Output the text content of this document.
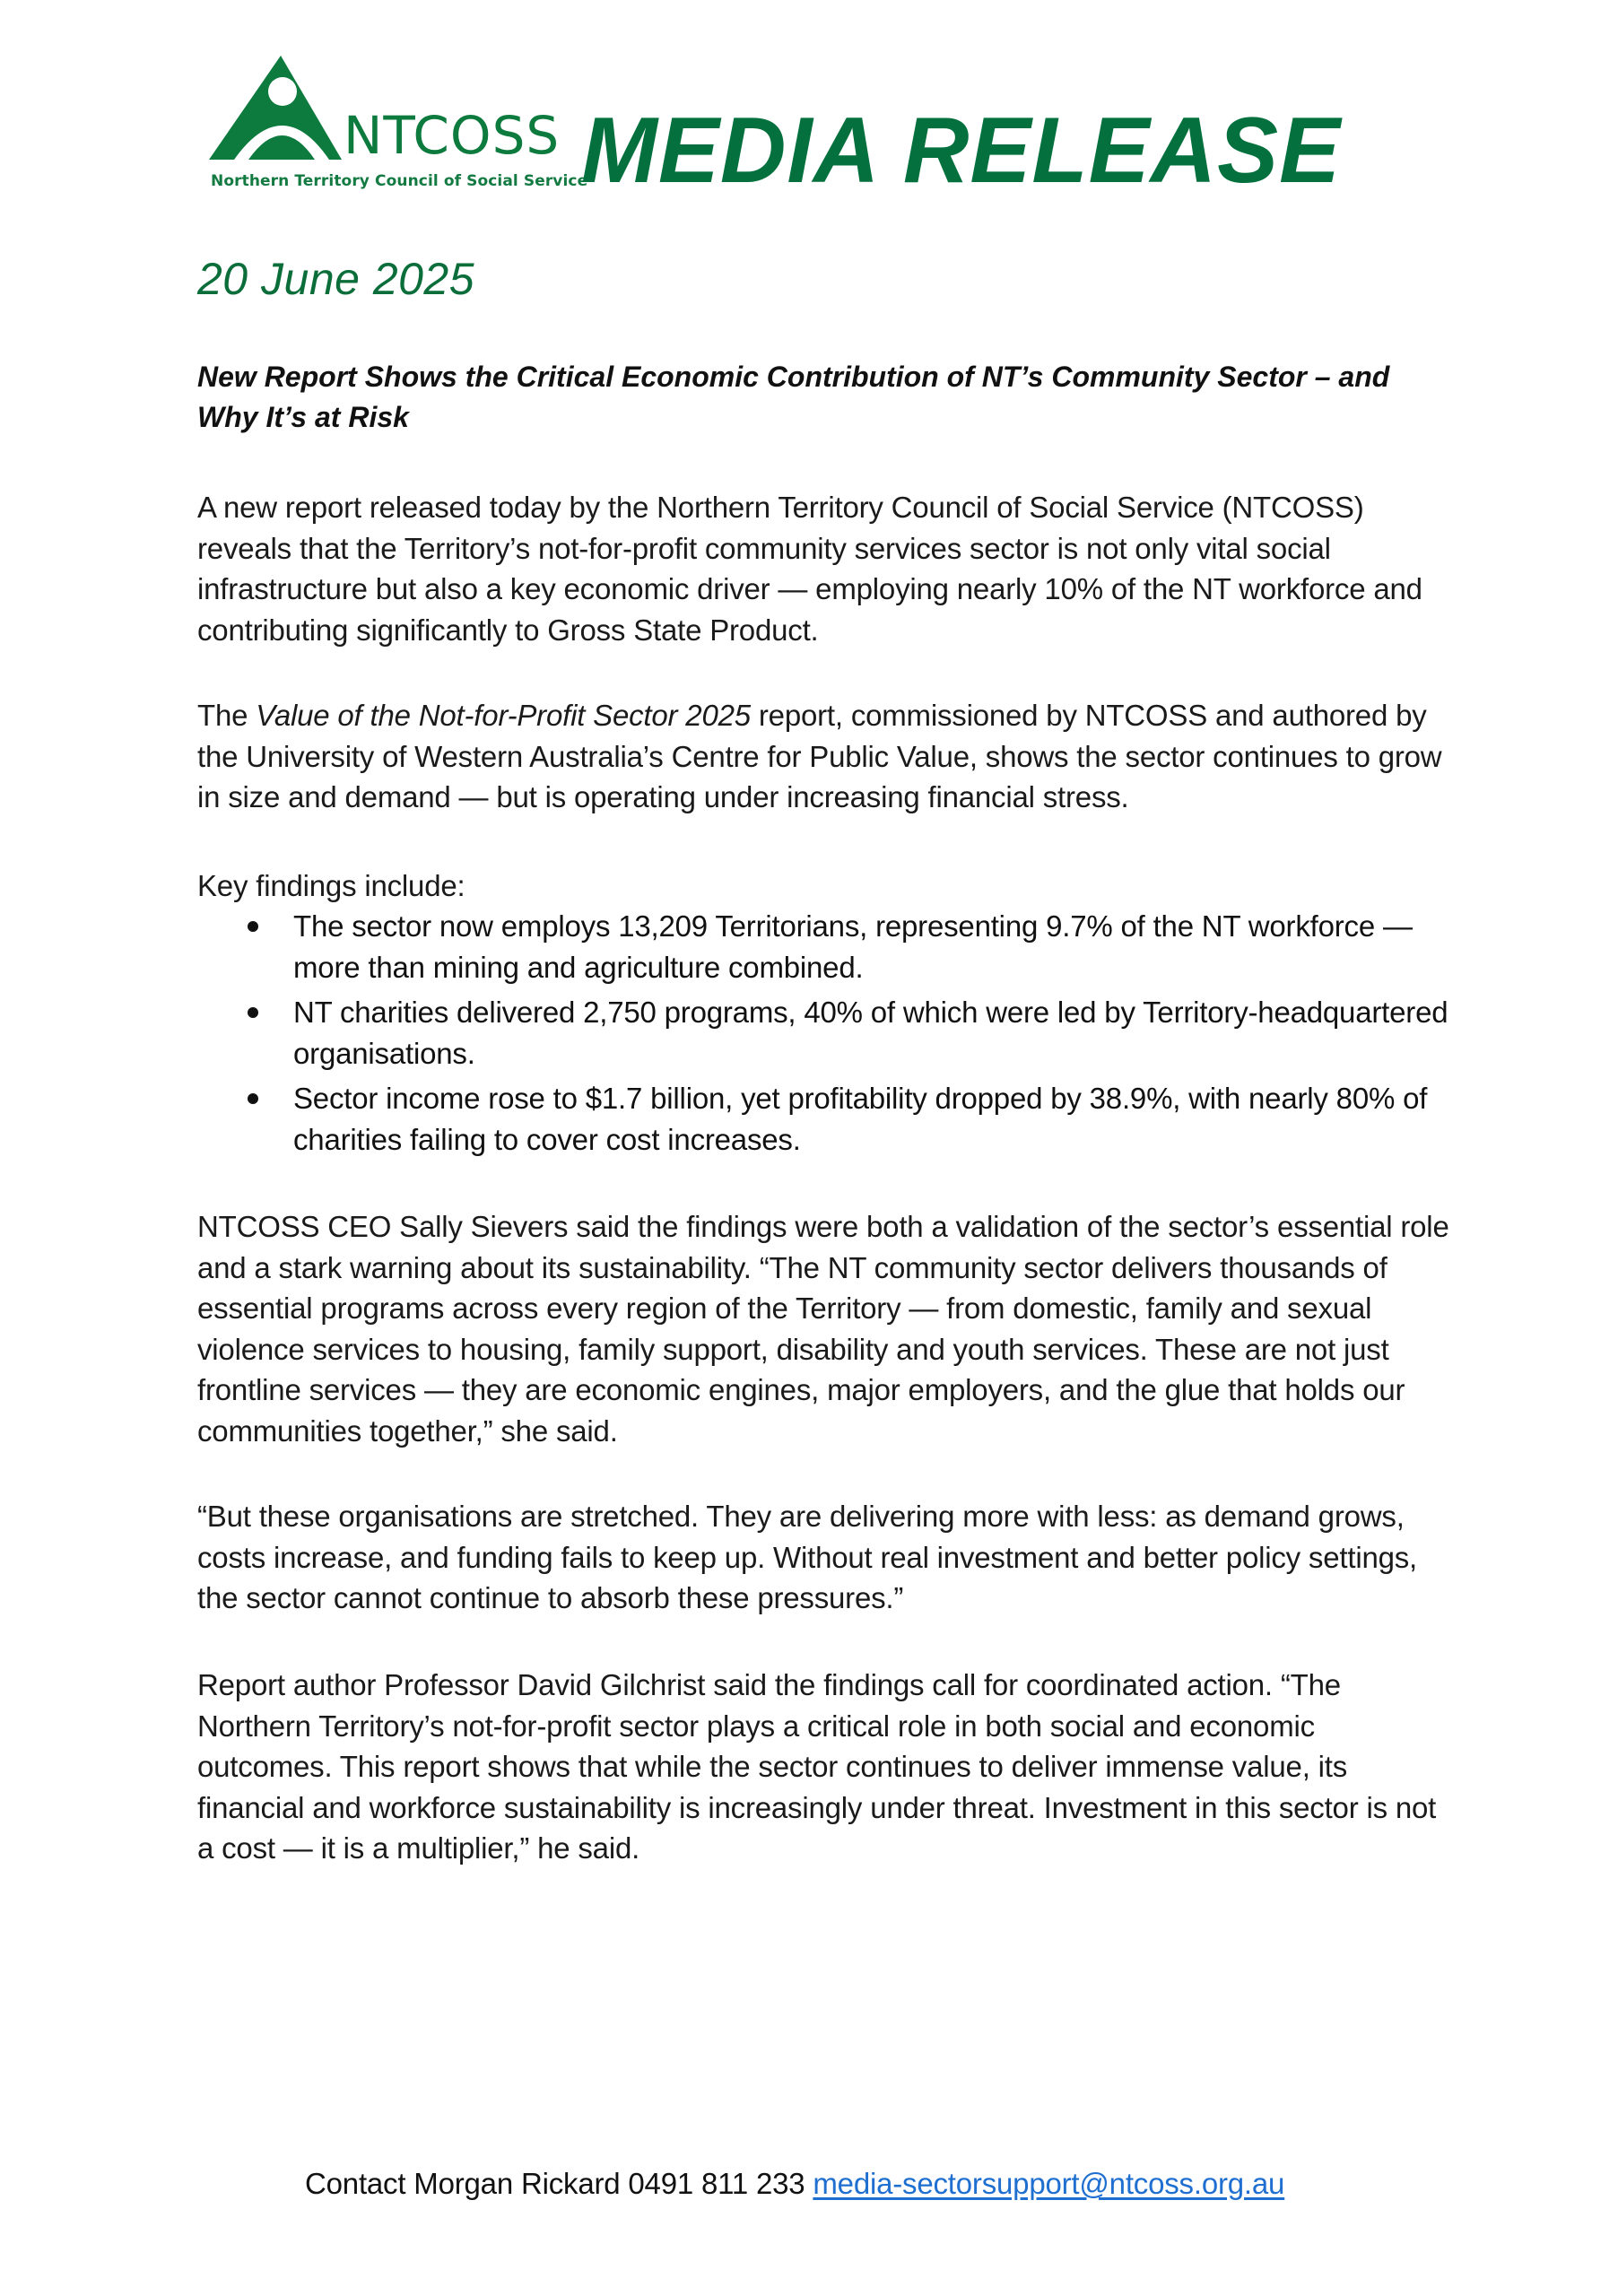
NTCOSS
Northern Territory Council of Social Service
MEDIA RELEASE
20 June 2025
New Report Shows the Critical Economic Contribution of NT’s Community Sector – and Why It’s at Risk

A new report released today by the Northern Territory Council of Social Service (NTCOSS) reveals that the Territory’s not-for-profit community services sector is not only vital social infrastructure but also a key economic driver — employing nearly 10% of the NT workforce and contributing significantly to Gross State Product.

The Value of the Not-for-Profit Sector 2025 report, commissioned by NTCOSS and authored by the University of Western Australia’s Centre for Public Value, shows the sector continues to grow in size and demand — but is operating under increasing financial stress.

Key findings include:

The sector now employs 13,209 Territorians, representing 9.7% of the NT workforce — more than mining and agriculture combined.
NT charities delivered 2,750 programs, 40% of which were led by Territory-headquartered organisations.
Sector income rose to $1.7 billion, yet profitability dropped by 38.9%, with nearly 80% of charities failing to cover cost increases.

NTCOSS CEO Sally Sievers said the findings were both a validation of the sector’s essential role and a stark warning about its sustainability. “The NT community sector delivers thousands of essential programs across every region of the Territory — from domestic, family and sexual violence services to housing, family support, disability and youth services. These are not just frontline services — they are economic engines, major employers, and the glue that holds our communities together,” she said.

“But these organisations are stretched. They are delivering more with less: as demand grows, costs increase, and funding fails to keep up. Without real investment and better policy settings, the sector cannot continue to absorb these pressures.”

Report author Professor David Gilchrist said the findings call for coordinated action. “The Northern Territory’s not-for-profit sector plays a critical role in both social and economic outcomes. This report shows that while the sector continues to deliver immense value, its financial and workforce sustainability is increasingly under threat. Investment in this sector is not a cost — it is a multiplier,” he said.

Contact Morgan Rickard 0491 811 233 media-sectorsupport@ntcoss.org.au
